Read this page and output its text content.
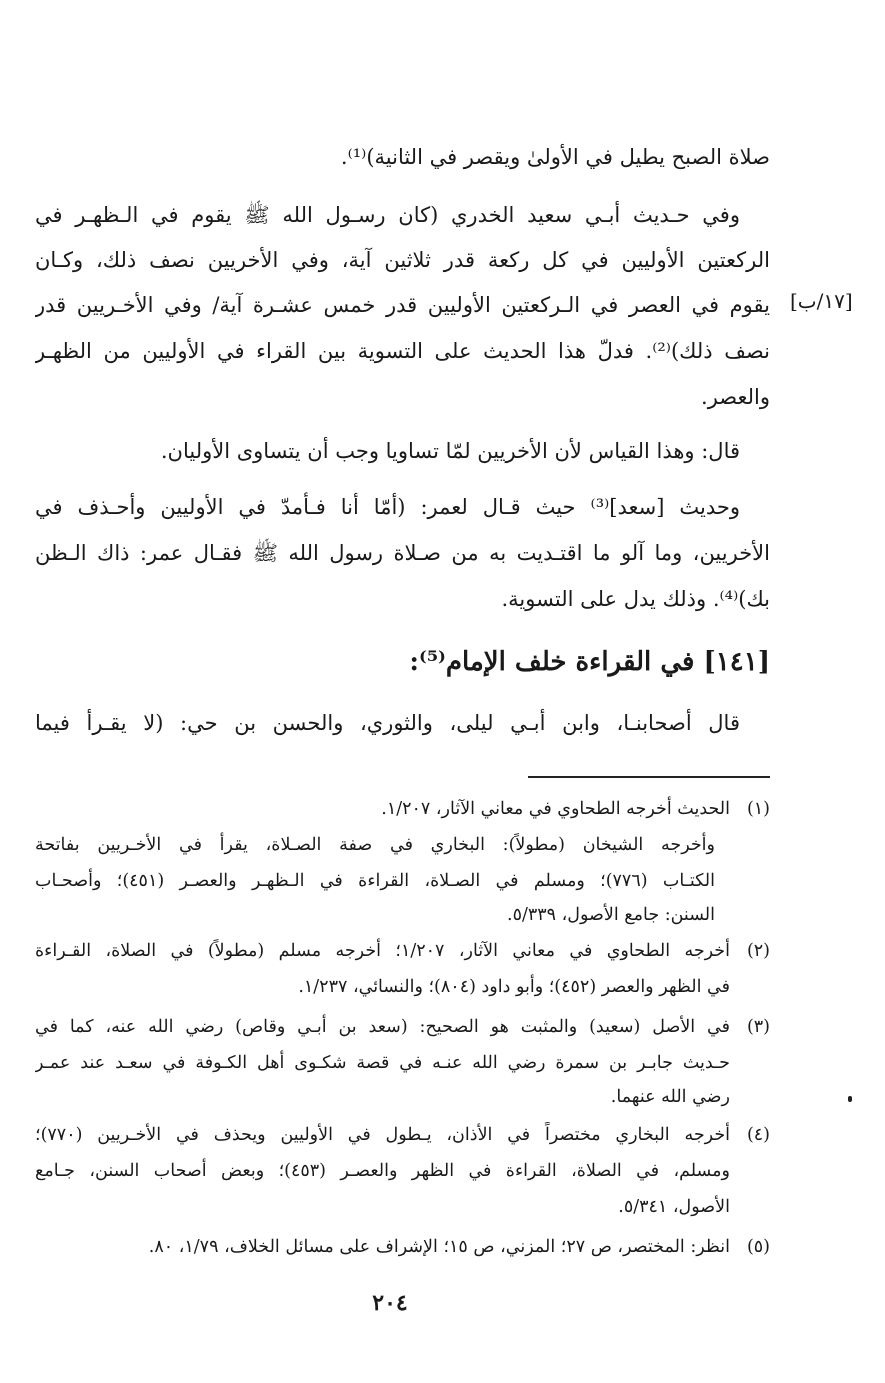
صلاة الصبح يطيل في الأولىٰ ويقصر في الثانية)⁽¹⁾.
وفي حـديث أبـي سعيد الخدري (كان رسـول الله ﷺ يقوم في الـظهـر في
الركعتين الأوليين في كل ركعة قدر ثلاثين آية، وفي الأخريين نصف ذلك، وكـان
يقوم في العصر في الـركعتين الأوليين قدر خمس عشـرة آية/ وفي الأخـريين قدر
نصف ذلك)⁽²⁾. فدلّ هذا الحديث على التسوية بين القراء في الأوليين من الظهـر
والعصر.
قال: وهذا القياس لأن الأخريين لمّا تساويا وجب أن يتساوى الأوليان.
وحديث [سعد]⁽³⁾ حيث قـال لعمر: (أمّا أنا فـأمدّ في الأوليين وأحـذف في
الأخريين، وما آلو ما اقتـديت به من صـلاة رسول الله ﷺ فقـال عمر: ذاك الـظن
بك)⁽⁴⁾. وذلك يدل على التسوية.
[١٧/ب]
[١٤١] في القراءة خلف الإمام⁽⁵⁾:
قال أصحابنـا، وابن أبـي ليلى، والثوري، والحسن بن حي: (لا يقـرأ فيما
(١)
(٢)
(٣)
(٤)
(٥)
الحديث أخرجه الطحاوي في معاني الآثار، ١/٢٠٧.
وأخرجه الشيخان (مطولاً): البخاري في صفة الصـلاة، يقرأ في الأخـريين بفاتحة
الكتـاب (٧٧٦)؛ ومسلم في الصـلاة، القراءة في الـظهـر والعصـر (٤٥١)؛ وأصحـاب
السنن: جامع الأصول، ٥/٣٣٩.
أخرجه الطحاوي في معاني الآثار، ١/٢٠٧؛ أخرجه مسلم (مطولاً) في الصلاة، القـراءة
في الظهر والعصر (٤٥٢)؛ وأبو داود (٨٠٤)؛ والنسائي، ١/٢٣٧.
في الأصل (سعيد) والمثبت هو الصحيح: (سعد بن أبـي وقاص) رضي الله عنه، كما في
حـديث جابـر بن سمرة رضي الله عنـه في قصة شكـوى أهل الكـوفة في سعـد عند عمـر
رضي الله عنهما.
أخرجه البخاري مختصراً في الأذان، يـطول في الأوليين ويحذف في الأخـريين (٧٧٠)؛
ومسلم، في الصلاة، القراءة في الظهر والعصـر (٤٥٣)؛ وبعض أصحاب السنن، جـامع
الأصول، ٥/٣٤١.
انظر: المختصر، ص ٢٧؛ المزني، ص ١٥؛ الإشراف على مسائل الخلاف، ١/٧٩، ٨٠.
٢٠٤
